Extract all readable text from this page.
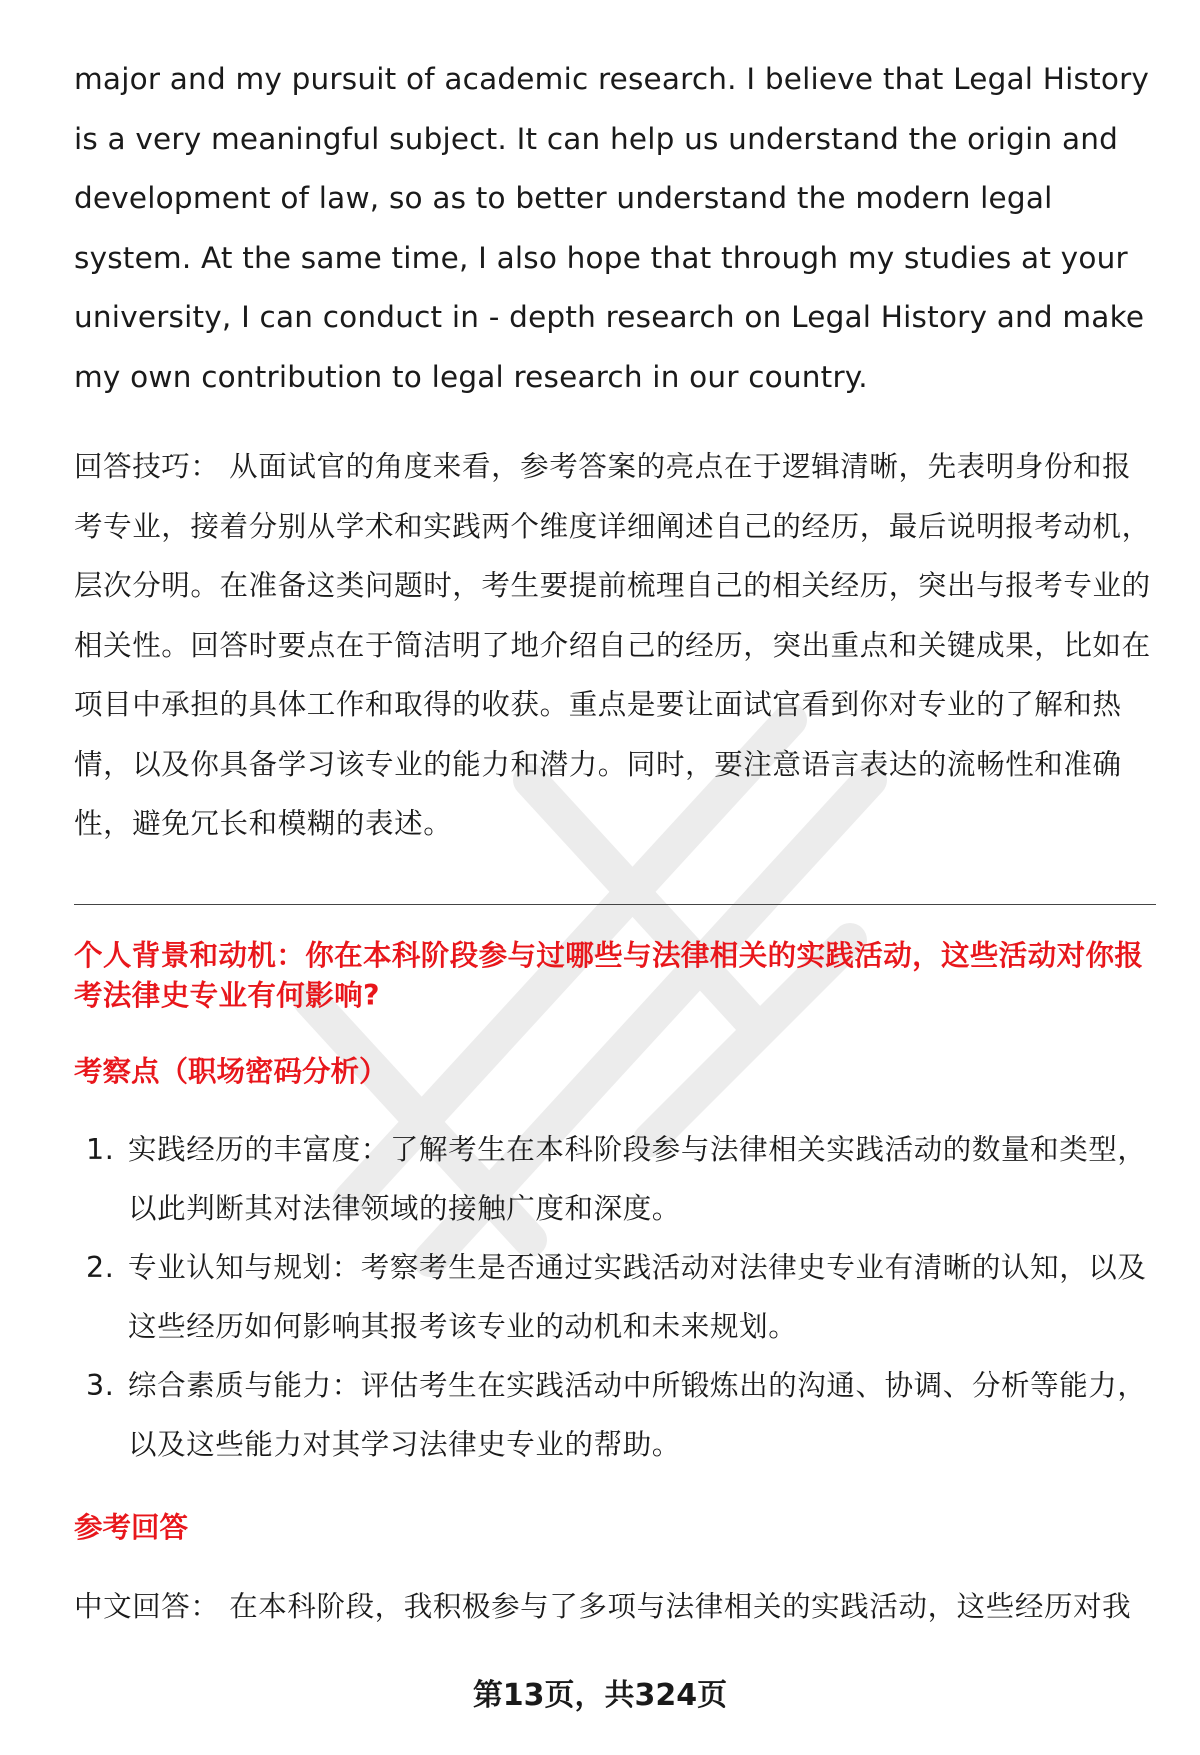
major and my pursuit of academic research. I believe that Legal History is a very meaningful subject. It can help us understand the origin and development of law, so as to better understand the modern legal system. At the same time, I also hope that through my studies at your university, I can conduct in - depth research on Legal History and make my own contribution to legal research in our country.

回答技巧： 从面试官的角度来看，参考答案的亮点在于逻辑清晰，先表明身份和报考专业，接着分别从学术和实践两个维度详细阐述自己的经历，最后说明报考动机，层次分明。在准备这类问题时，考生要提前梳理自己的相关经历，突出与报考专业的相关性。回答时要点在于简洁明了地介绍自己的经历，突出重点和关键成果，比如在项目中承担的具体工作和取得的收获。重点是要让面试官看到你对专业的了解和热情，以及你具备学习该专业的能力和潜力。同时，要注意语言表达的流畅性和准确性，避免冗长和模糊的表述。

个人背景和动机：你在本科阶段参与过哪些与法律相关的实践活动，这些活动对你报考法律史专业有何影响?
考察点（职场密码分析）
1. 实践经历的丰富度：了解考生在本科阶段参与法律相关实践活动的数量和类型，以此判断其对法律领域的接触广度和深度。
2. 专业认知与规划：考察考生是否通过实践活动对法律史专业有清晰的认知，以及这些经历如何影响其报考该专业的动机和未来规划。
3. 综合素质与能力：评估考生在实践活动中所锻炼出的沟通、协调、分析等能力，以及这些能力对其学习法律史专业的帮助。
参考回答

中文回答： 在本科阶段，我积极参与了多项与法律相关的实践活动，这些经历对我

第13页，共324页
